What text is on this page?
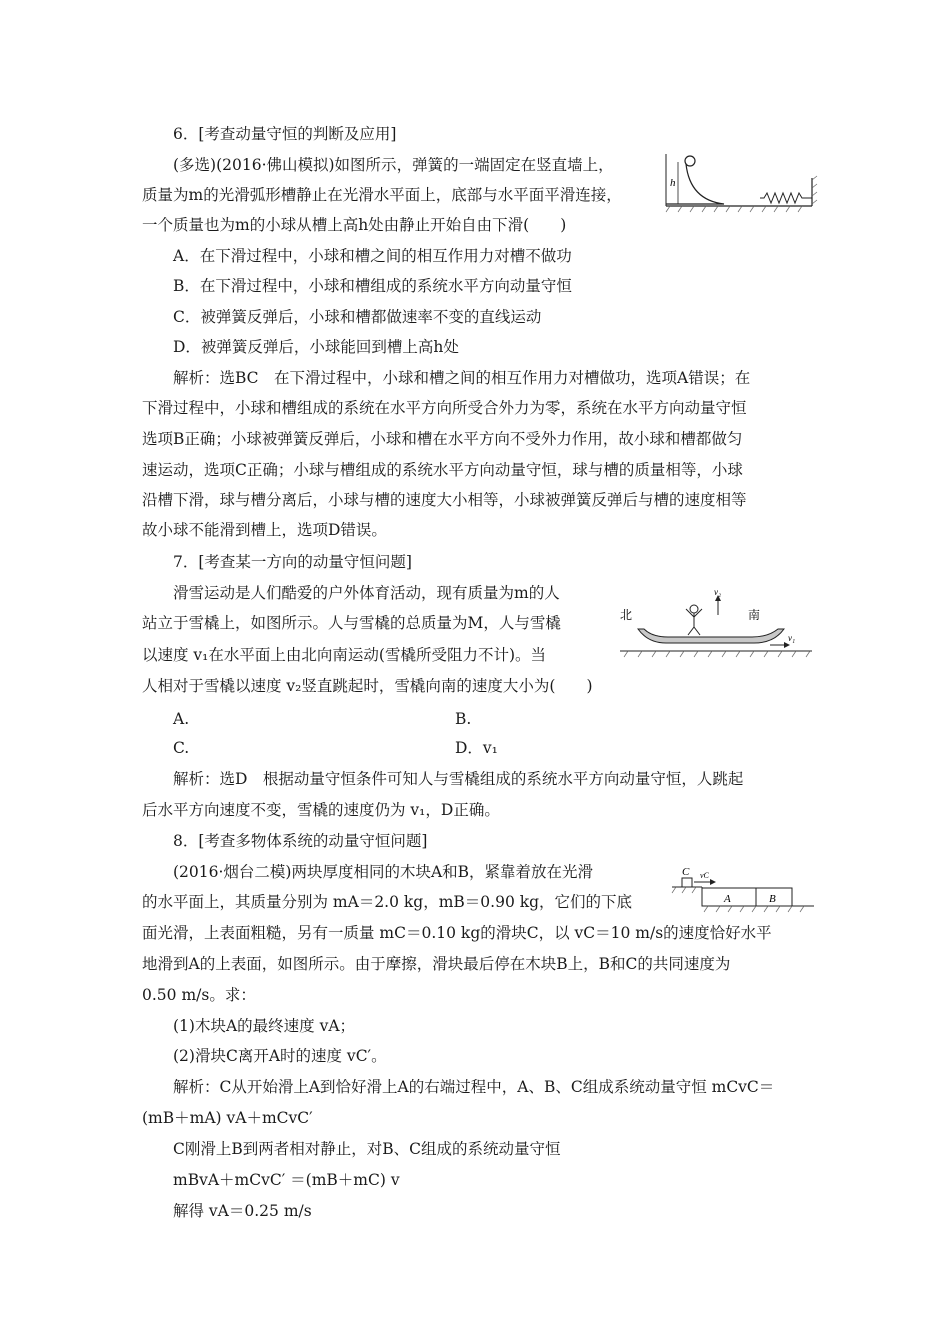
6．[考查动量守恒的判断及应用]
(多选)(2016·佛山模拟)如图所示，弹簧的一端固定在竖直墙上，
质量为m的光滑弧形槽静止在光滑水平面上，底部与水平面平滑连接，
一个质量也为m的小球从槽上高h处由静止开始自由下滑(　　)
h
A．在下滑过程中，小球和槽之间的相互作用力对槽不做功
B．在下滑过程中，小球和槽组成的系统水平方向动量守恒
C．被弹簧反弹后，小球和槽都做速率不变的直线运动
D．被弹簧反弹后，小球能回到槽上高h处
解析：选BC　在下滑过程中，小球和槽之间的相互作用力对槽做功，选项A错误；在
下滑过程中，小球和槽组成的系统在水平方向所受合外力为零，系统在水平方向动量守恒
选项B正确；小球被弹簧反弹后，小球和槽在水平方向不受外力作用，故小球和槽都做匀
速运动，选项C正确；小球与槽组成的系统水平方向动量守恒，球与槽的质量相等，小球
沿槽下滑，球与槽分离后，小球与槽的速度大小相等，小球被弹簧反弹后与槽的速度相等
故小球不能滑到槽上，选项D错误。
7．[考查某一方向的动量守恒问题]
滑雪运动是人们酷爱的户外体育活动，现有质量为m的人
站立于雪橇上，如图所示。人与雪橇的总质量为M，人与雪橇
以速度 v₁在水平面上由北向南运动(雪橇所受阻力不计)。当
人相对于雪橇以速度 v₂竖直跳起时，雪橇向南的速度大小为(　　)
北	南
v₂
v₁
A.	B.
C.	D．v₁
解析：选D　根据动量守恒条件可知人与雪橇组成的系统水平方向动量守恒，人跳起
后水平方向速度不变，雪橇的速度仍为 v₁，D正确。
8．[考查多物体系统的动量守恒问题]
(2016·烟台二模)两块厚度相同的木块A和B，紧靠着放在光滑
的水平面上，其质量分别为 mA＝2.0 kg，mB＝0.90 kg，它们的下底
面光滑，上表面粗糙，另有一质量 mC＝0.10 kg的滑块C，以 vC＝10 m/s的速度恰好水平
地滑到A的上表面，如图所示。由于摩擦，滑块最后停在木块B上，B和C的共同速度为
0.50 m/s。求：
C vC
A	B
(1)木块A的最终速度 vA；
(2)滑块C离开A时的速度 vC′。
解析：C从开始滑上A到恰好滑上A的右端过程中，A、B、C组成系统动量守恒 mCvC＝
(mB＋mA) vA＋mCvC′
C刚滑上B到两者相对静止，对B、C组成的系统动量守恒
mBvA＋mCvC′ ＝(mB＋mC) v
解得 vA＝0.25 m/s
